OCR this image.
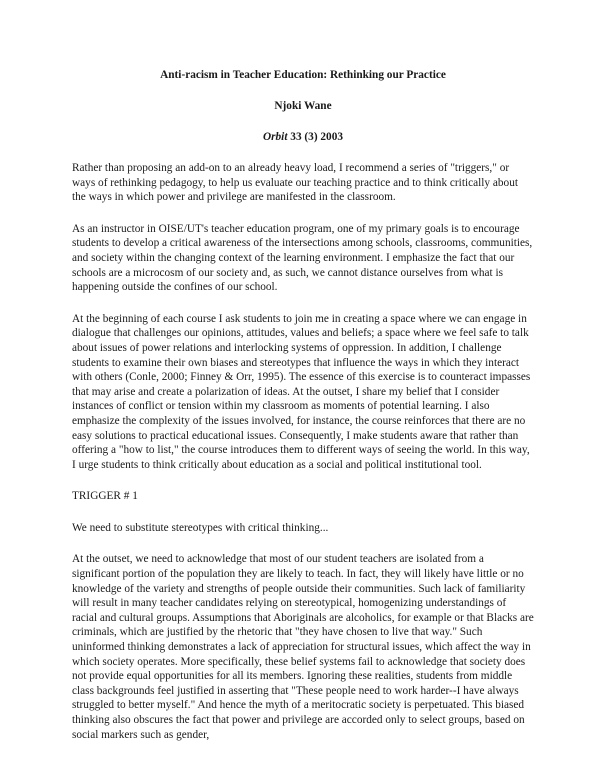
Anti-racism in Teacher Education: Rethinking our Practice
Njoki Wane
Orbit 33 (3) 2003

Rather than proposing an add-on to an already heavy load, I recommend a series of "triggers," or ways of rethinking pedagogy, to help us evaluate our teaching practice and to think critically about the ways in which power and privilege are manifested in the classroom.

As an instructor in OISE/UT's teacher education program, one of my primary goals is to encourage students to develop a critical awareness of the intersections among schools, classrooms, communities, and society within the changing context of the learning environment. I emphasize the fact that our schools are a microcosm of our society and, as such, we cannot distance ourselves from what is happening outside the confines of our school.

At the beginning of each course I ask students to join me in creating a space where we can engage in dialogue that challenges our opinions, attitudes, values and beliefs; a space where we feel safe to talk about issues of power relations and interlocking systems of oppression. In addition, I challenge students to examine their own biases and stereotypes that influence the ways in which they interact with others (Conle, 2000; Finney & Orr, 1995). The essence of this exercise is to counteract impasses that may arise and create a polarization of ideas. At the outset, I share my belief that I consider instances of conflict or tension within my classroom as moments of potential learning. I also emphasize the complexity of the issues involved, for instance, the course reinforces that there are no easy solutions to practical educational issues. Consequently, I make students aware that rather than offering a "how to list," the course introduces them to different ways of seeing the world. In this way, I urge students to think critically about education as a social and political institutional tool.

TRIGGER # 1
We need to substitute stereotypes with critical thinking...

At the outset, we need to acknowledge that most of our student teachers are isolated from a significant portion of the population they are likely to teach. In fact, they will likely have little or no knowledge of the variety and strengths of people outside their communities. Such lack of familiarity will result in many teacher candidates relying on stereotypical, homogenizing understandings of racial and cultural groups. Assumptions that Aboriginals are alcoholics, for example or that Blacks are criminals, which are justified by the rhetoric that "they have chosen to live that way." Such uninformed thinking demonstrates a lack of appreciation for structural issues, which affect the way in which society operates. More specifically, these belief systems fail to acknowledge that society does not provide equal opportunities for all its members. Ignoring these realities, students from middle class backgrounds feel justified in asserting that "These people need to work harder--I have always struggled to better myself." And hence the myth of a meritocratic society is perpetuated. This biased thinking also obscures the fact that power and privilege are accorded only to select groups, based on social markers such as gender,
